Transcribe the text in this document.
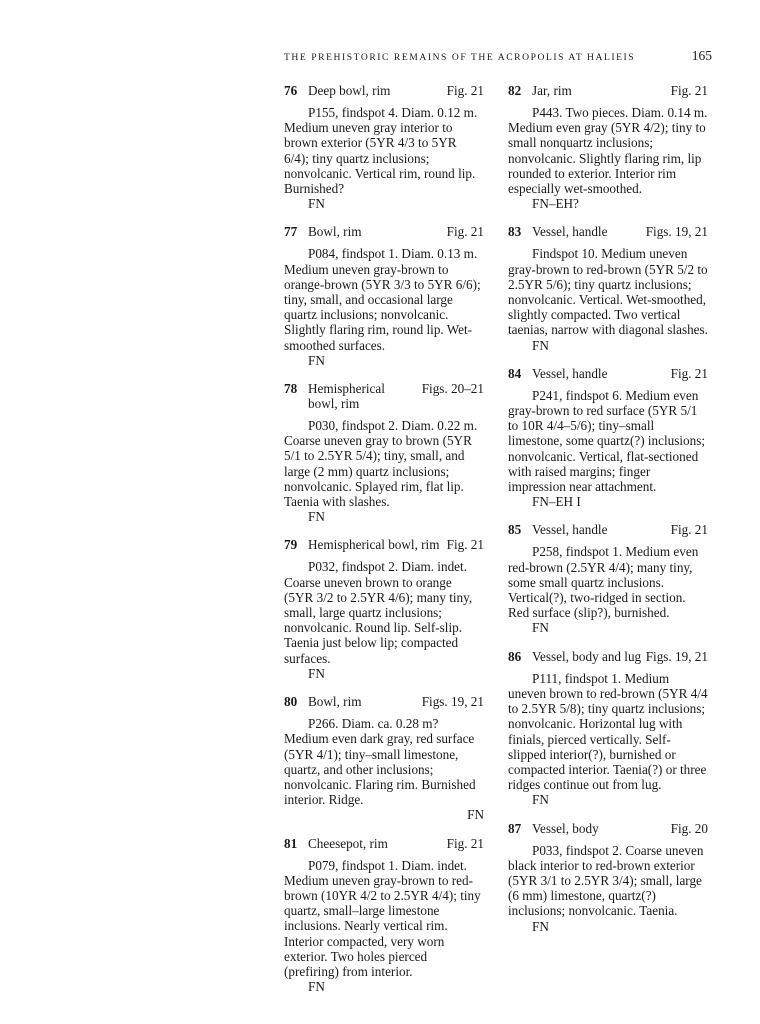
THE PREHISTORIC REMAINS OF THE ACROPOLIS AT HALIEIS	165
76 Deep bowl, rim	Fig. 21

P155, findspot 4. Diam. 0.12 m. Medium uneven gray interior to brown exterior (5YR 4/3 to 5YR 6/4); tiny quartz inclusions; nonvolcanic. Vertical rim, round lip. Burnished?

FN
77 Bowl, rim	Fig. 21

P084, findspot 1. Diam. 0.13 m. Medium uneven gray-brown to orange-brown (5YR 3/3 to 5YR 6/6); tiny, small, and occasional large quartz inclusions; nonvolcanic. Slightly flaring rim, round lip. Wet-smoothed surfaces.

FN
78 Hemispherical bowl, rim
Figs. 20–21

P030, findspot 2. Diam. 0.22 m. Coarse uneven gray to brown (5YR 5/1 to 2.5YR 5/4); tiny, small, and large (2 mm) quartz inclusions; nonvolcanic. Splayed rim, flat lip. Taenia with slashes.

FN
79 Hemispherical bowl, rim Fig. 21

P032, findspot 2. Diam. indet. Coarse uneven brown to orange (5YR 3/2 to 2.5YR 4/6); many tiny, small, large quartz inclusions; nonvolcanic. Round lip. Self-slip. Taenia just below lip; compacted surfaces.

FN
80 Bowl, rim	Figs. 19, 21

P266. Diam. ca. 0.28 m? Medium even dark gray, red surface (5YR 4/1); tiny–small limestone, quartz, and other inclusions; nonvolcanic. Flaring rim. Burnished interior. Ridge.

FN
81 Cheesepot, rim	Fig. 21

P079, findspot 1. Diam. indet. Medium uneven gray-brown to red-brown (10YR 4/2 to 2.5YR 4/4); tiny quartz, small–large limestone inclusions. Nearly vertical rim. Interior compacted, very worn exterior. Two holes pierced (prefiring) from interior.

FN
82 Jar, rim	Fig. 21

P443. Two pieces. Diam. 0.14 m. Medium even gray (5YR 4/2); tiny to small nonquartz inclusions; nonvolcanic. Slightly flaring rim, lip rounded to exterior. Interior rim especially wet-smoothed.

FN–EH?
83 Vessel, handle	Figs. 19, 21

Findspot 10. Medium uneven gray-brown to red-brown (5YR 5/2 to 2.5YR 5/6); tiny quartz inclusions; nonvolcanic. Vertical. Wet-smoothed, slightly compacted. Two vertical taenias, narrow with diagonal slashes.

FN
84 Vessel, handle	Fig. 21

P241, findspot 6. Medium even gray-brown to red surface (5YR 5/1 to 10R 4/4–5/6); tiny–small limestone, some quartz(?) inclusions; nonvolcanic. Vertical, flat-sectioned with raised margins; finger impression near attachment.

FN–EH I
85 Vessel, handle	Fig. 21

P258, findspot 1. Medium even red-brown (2.5YR 4/4); many tiny, some small quartz inclusions. Vertical(?), two-ridged in section. Red surface (slip?), burnished.

FN
86 Vessel, body and lug Figs. 19, 21

P111, findspot 1. Medium uneven brown to red-brown (5YR 4/4 to 2.5YR 5/8); tiny quartz inclusions; nonvolcanic. Horizontal lug with finials, pierced vertically. Self-slipped interior(?), burnished or compacted interior. Taenia(?) or three ridges continue out from lug.

FN
87 Vessel, body	Fig. 20

P033, findspot 2. Coarse uneven black interior to red-brown exterior (5YR 3/1 to 2.5YR 3/4); small, large (6 mm) limestone, quartz(?) inclusions; nonvolcanic. Taenia.

FN
